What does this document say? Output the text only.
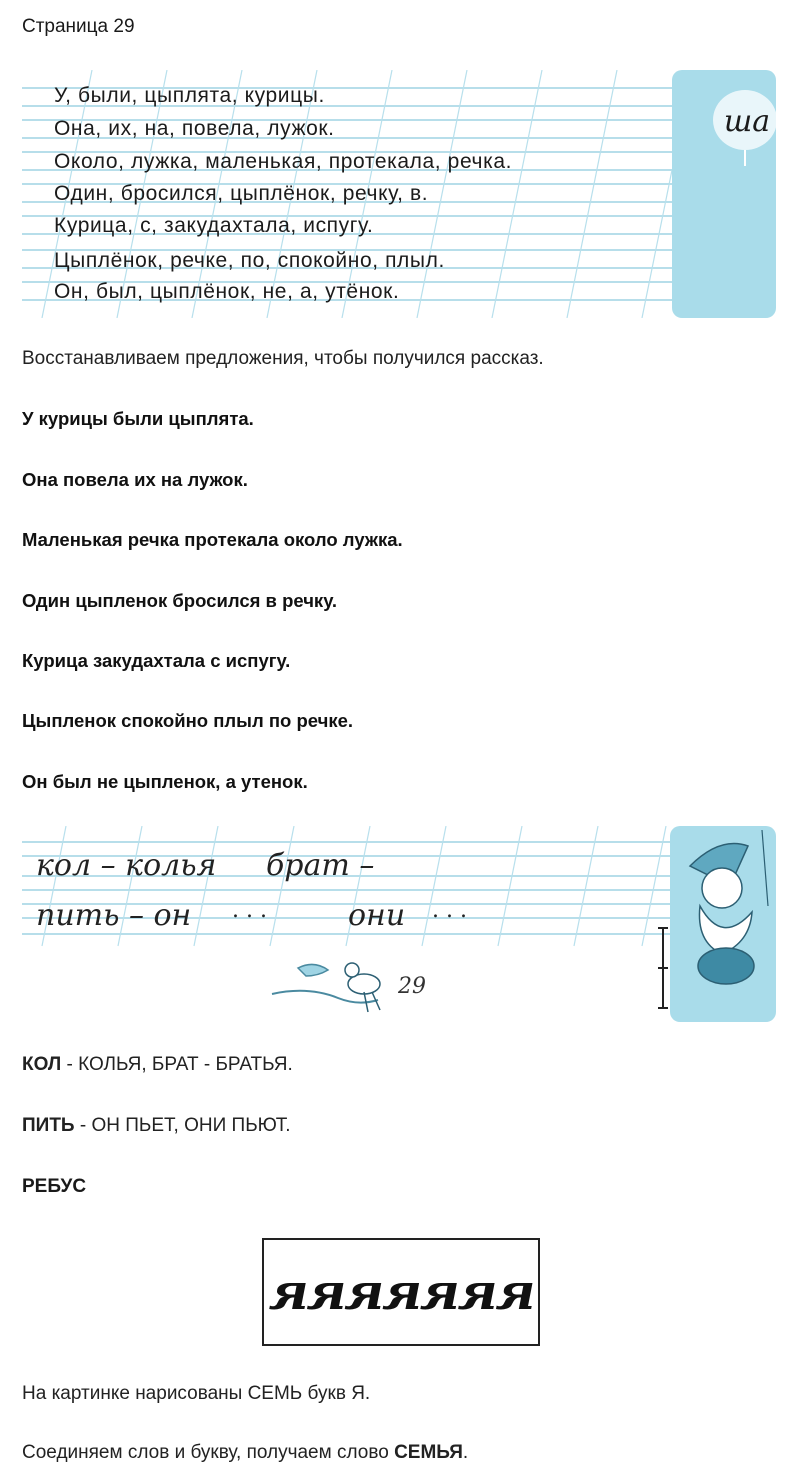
Страница 29
ша
У, были, цыплята, курицы.
Она, их, на, повела, лужок.
Около, лужка, маленькая, протекала, речка.
Один, бросился, цыплёнок, речку, в.
Курица, с, закудахтала, испугу.
Цыплёнок, речке, по, спокойно, плыл.
Он, был, цыплёнок, не, а, утёнок.
Восстанавливаем предложения, чтобы получился рассказ.
У курицы были цыплята.
Она повела их на лужок.
Маленькая речка протекала около лужка.
Один цыпленок бросился в речку.
Курица закудахтала с испугу.
Цыпленок спокойно плыл по речке.
Он был не цыпленок, а утенок.
кол – колья брат –
пить – он . . .	они . . .
29
КОЛ - КОЛЬЯ, БРАТ - БРАТЬЯ.
ПИТЬ - ОН ПЬЕТ, ОНИ ПЬЮТ.
РЕБУС
яяяяяяя
На картинке нарисованы СЕМЬ букв Я.
Соединяем слов и букву, получаем слово СЕМЬЯ.
